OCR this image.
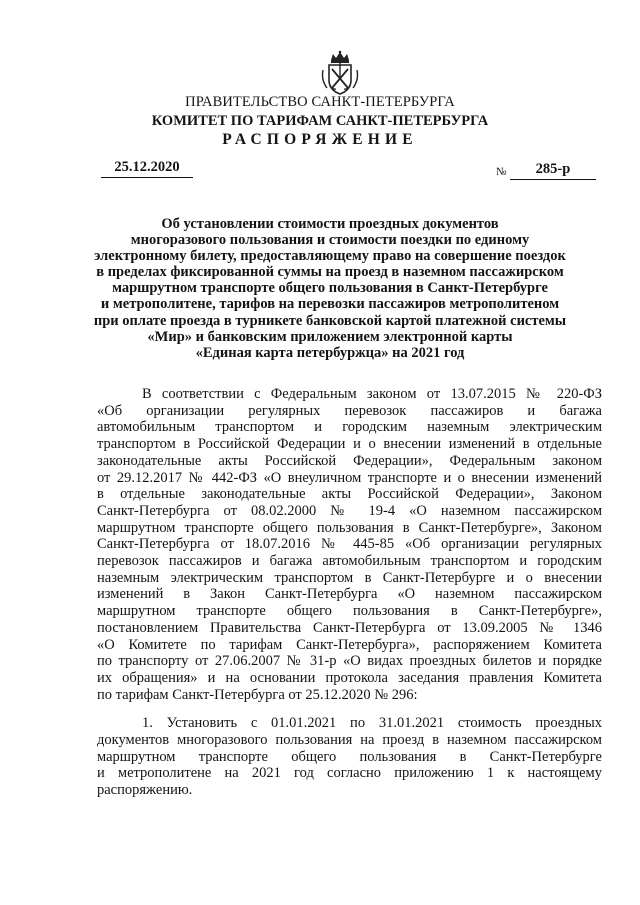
ПРАВИТЕЛЬСТВО САНКТ-ПЕТЕРБУРГА
КОМИТЕТ ПО ТАРИФАМ САНКТ-ПЕТЕРБУРГА
РАСПОРЯЖЕНИЕ
25.12.2020	№	285-р
Об установлении стоимости проездных документов
многоразового пользования и стоимости поездки по единому
электронному билету, предоставляющему право на совершение поездок
в пределах фиксированной суммы на проезд в наземном пассажирском
маршрутном транспорте общего пользования в Санкт-Петербурге
и метрополитене, тарифов на перевозки пассажиров метрополитеном
при оплате проезда в турникете банковской картой платежной системы
«Мир» и банковским приложением электронной карты
«Единая карта петербуржца» на 2021 год
В соответствии с Федеральным законом от 13.07.2015 № 220-ФЗ
«Об организации регулярных перевозок пассажиров и багажа
автомобильным транспортом и городским наземным электрическим
транспортом в Российской Федерации и о внесении изменений в отдельные
законодательные акты Российской Федерации», Федеральным законом
от 29.12.2017 № 442-ФЗ «О внеуличном транспорте и о внесении изменений
в отдельные законодательные акты Российской Федерации», Законом
Санкт-Петербурга от 08.02.2000 № 19-4 «О наземном пассажирском
маршрутном транспорте общего пользования в Санкт-Петербурге», Законом
Санкт-Петербурга от 18.07.2016 № 445-85 «Об организации регулярных
перевозок пассажиров и багажа автомобильным транспортом и городским
наземным электрическим транспортом в Санкт-Петербурге и о внесении
изменений в Закон Санкт-Петербурга «О наземном пассажирском
маршрутном транспорте общего пользования в Санкт-Петербурге»,
постановлением Правительства Санкт-Петербурга от 13.09.2005 № 1346
«О Комитете по тарифам Санкт-Петербурга», распоряжением Комитета
по транспорту от 27.06.2007 № 31-р «О видах проездных билетов и порядке
их обращения» и на основании протокола заседания правления Комитета
по тарифам Санкт-Петербурга от 25.12.2020 № 296:
1. Установить с 01.01.2021 по 31.01.2021 стоимость проездных
документов многоразового пользования на проезд в наземном пассажирском
маршрутном транспорте общего пользования в Санкт-Петербурге
и метрополитене на 2021 год согласно приложению 1 к настоящему
распоряжению.
